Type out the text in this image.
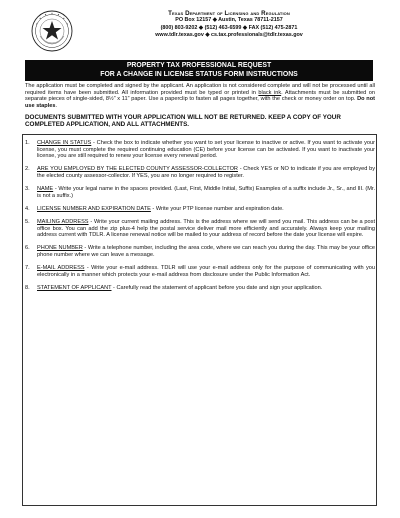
Texas Department of Licensing and Regulation
PO Box 12157 ◆ Austin, Texas 78711-2157
(800) 803-9202 ◆ (512) 463-6599 ◆ FAX (512) 475-2871
www.tdlr.texas.gov ◆ cs.tax.professionals@tdlr.texas.gov
PROPERTY TAX PROFESSIONAL REQUEST
FOR A CHANGE IN LICENSE STATUS FORM INSTRUCTIONS
The application must be completed and signed by the applicant. An application is not considered complete and will not be processed until all required items have been submitted. All information provided must be typed or printed in black ink. Attachments must be submitted on separate pieces of single-sided, 8½” x 11” paper. Use a paperclip to fasten all pages together, with the check or money order on top. Do not use staples.
DOCUMENTS SUBMITTED WITH YOUR APPLICATION WILL NOT BE RETURNED. KEEP A COPY OF YOUR COMPLETED APPLICATION, AND ALL ATTACHMENTS.
1. CHANGE IN STATUS - Check the box to indicate whether you want to set your license to inactive or active. If you want to activate your license, you must complete the required continuing education (CE) before your license can be activated. If you want to inactivate your license, you are still required to renew your license every renewal period.
2. ARE YOU EMPLOYED BY THE ELECTED COUNTY ASSESSOR-COLLECTOR - Check YES or NO to indicate if you are employed by the elected county assessor-collector. If YES, you are no longer required to register.
3. NAME - Write your legal name in the spaces provided. (Last, First, Middle Initial, Suffix) Examples of a suffix include Jr., Sr., and III. (Mr. is not a suffix.)
4. LICENSE NUMBER AND EXPIRATION DATE - Write your PTP license number and expiration date.
5. MAILING ADDRESS - Write your current mailing address. This is the address where we will send you mail. This address can be a post office box. You can add the zip plus-4 help the postal service deliver mail more efficiently and accurately. Always keep your mailing address current with TDLR. A license renewal notice will be mailed to your address of record before the date your license will expire.
6. PHONE NUMBER - Write a telephone number, including the area code, where we can reach you during the day. This may be your office phone number where we can leave a message.
7. E-MAIL ADDRESS - Write your e-mail address. TDLR will use your e-mail address only for the purpose of communicating with you electronically in a manner which protects your e-mail address from disclosure under the Public Information Act.
8. STATEMENT OF APPLICANT - Carefully read the statement of applicant before you date and sign your application.
